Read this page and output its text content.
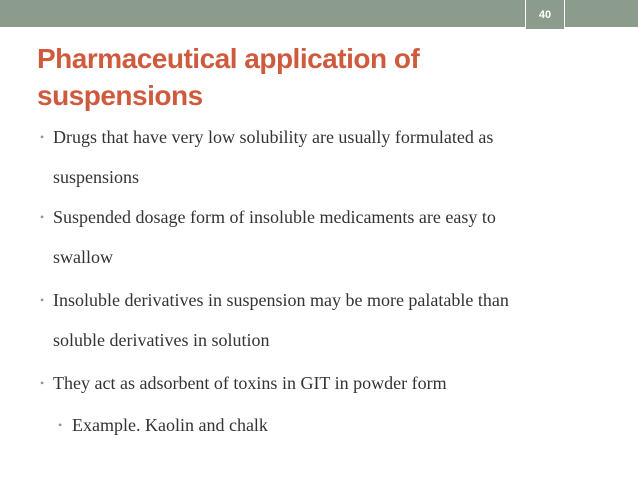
40
Pharmaceutical application of suspensions
• Drugs that have very low solubility are usually formulated as
suspensions
• Suspended dosage form of insoluble medicaments are easy to
swallow
• Insoluble derivatives in suspension may be more palatable than
soluble derivatives in solution
• They act as adsorbent of toxins in GIT in powder form
• Example. Kaolin and chalk
